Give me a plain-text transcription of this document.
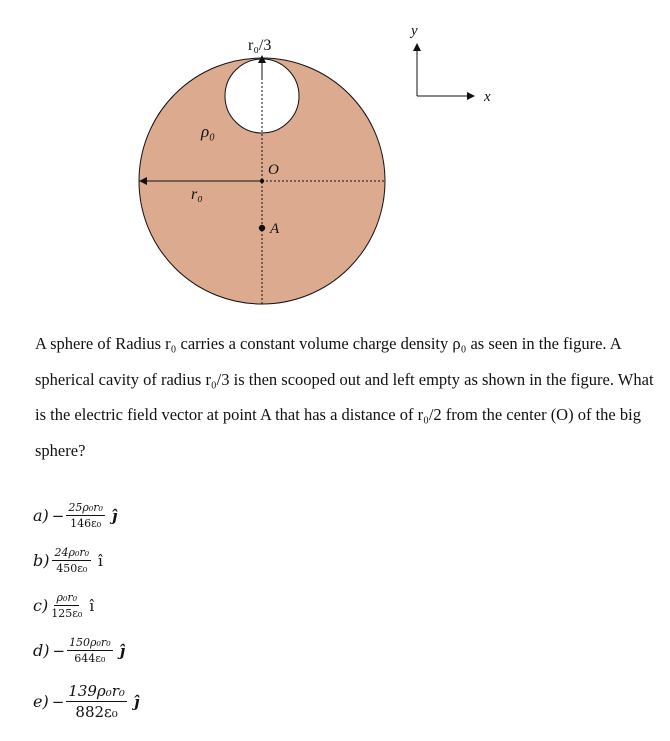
r₀/3
ρ₀
O
r₀
A
y
x

A sphere of Radius r₀ carries a constant volume charge density ρ₀ as seen in the figure. A spherical cavity of radius r₀/3 is then scooped out and left empty as shown in the figure. What is the electric field vector at point A that has a distance of r₀/2 from the center (O) of the big sphere?

$a) - \frac{\text{25ρ₀r₀}}{\text{146ε₀}}$ ĵ
$b) \frac{\text{24ρ₀r₀}}{\text{450ε₀}}$ î
$c) \frac{\text{ρ₀r₀}}{\text{125ε₀}}$ î
$d) - \frac{\text{150ρ₀r₀}}{\text{644ε₀}}$ ĵ
$e) - \frac{\text{139ρ₀r₀}}{\text{882ε₀}}$ ĵ
